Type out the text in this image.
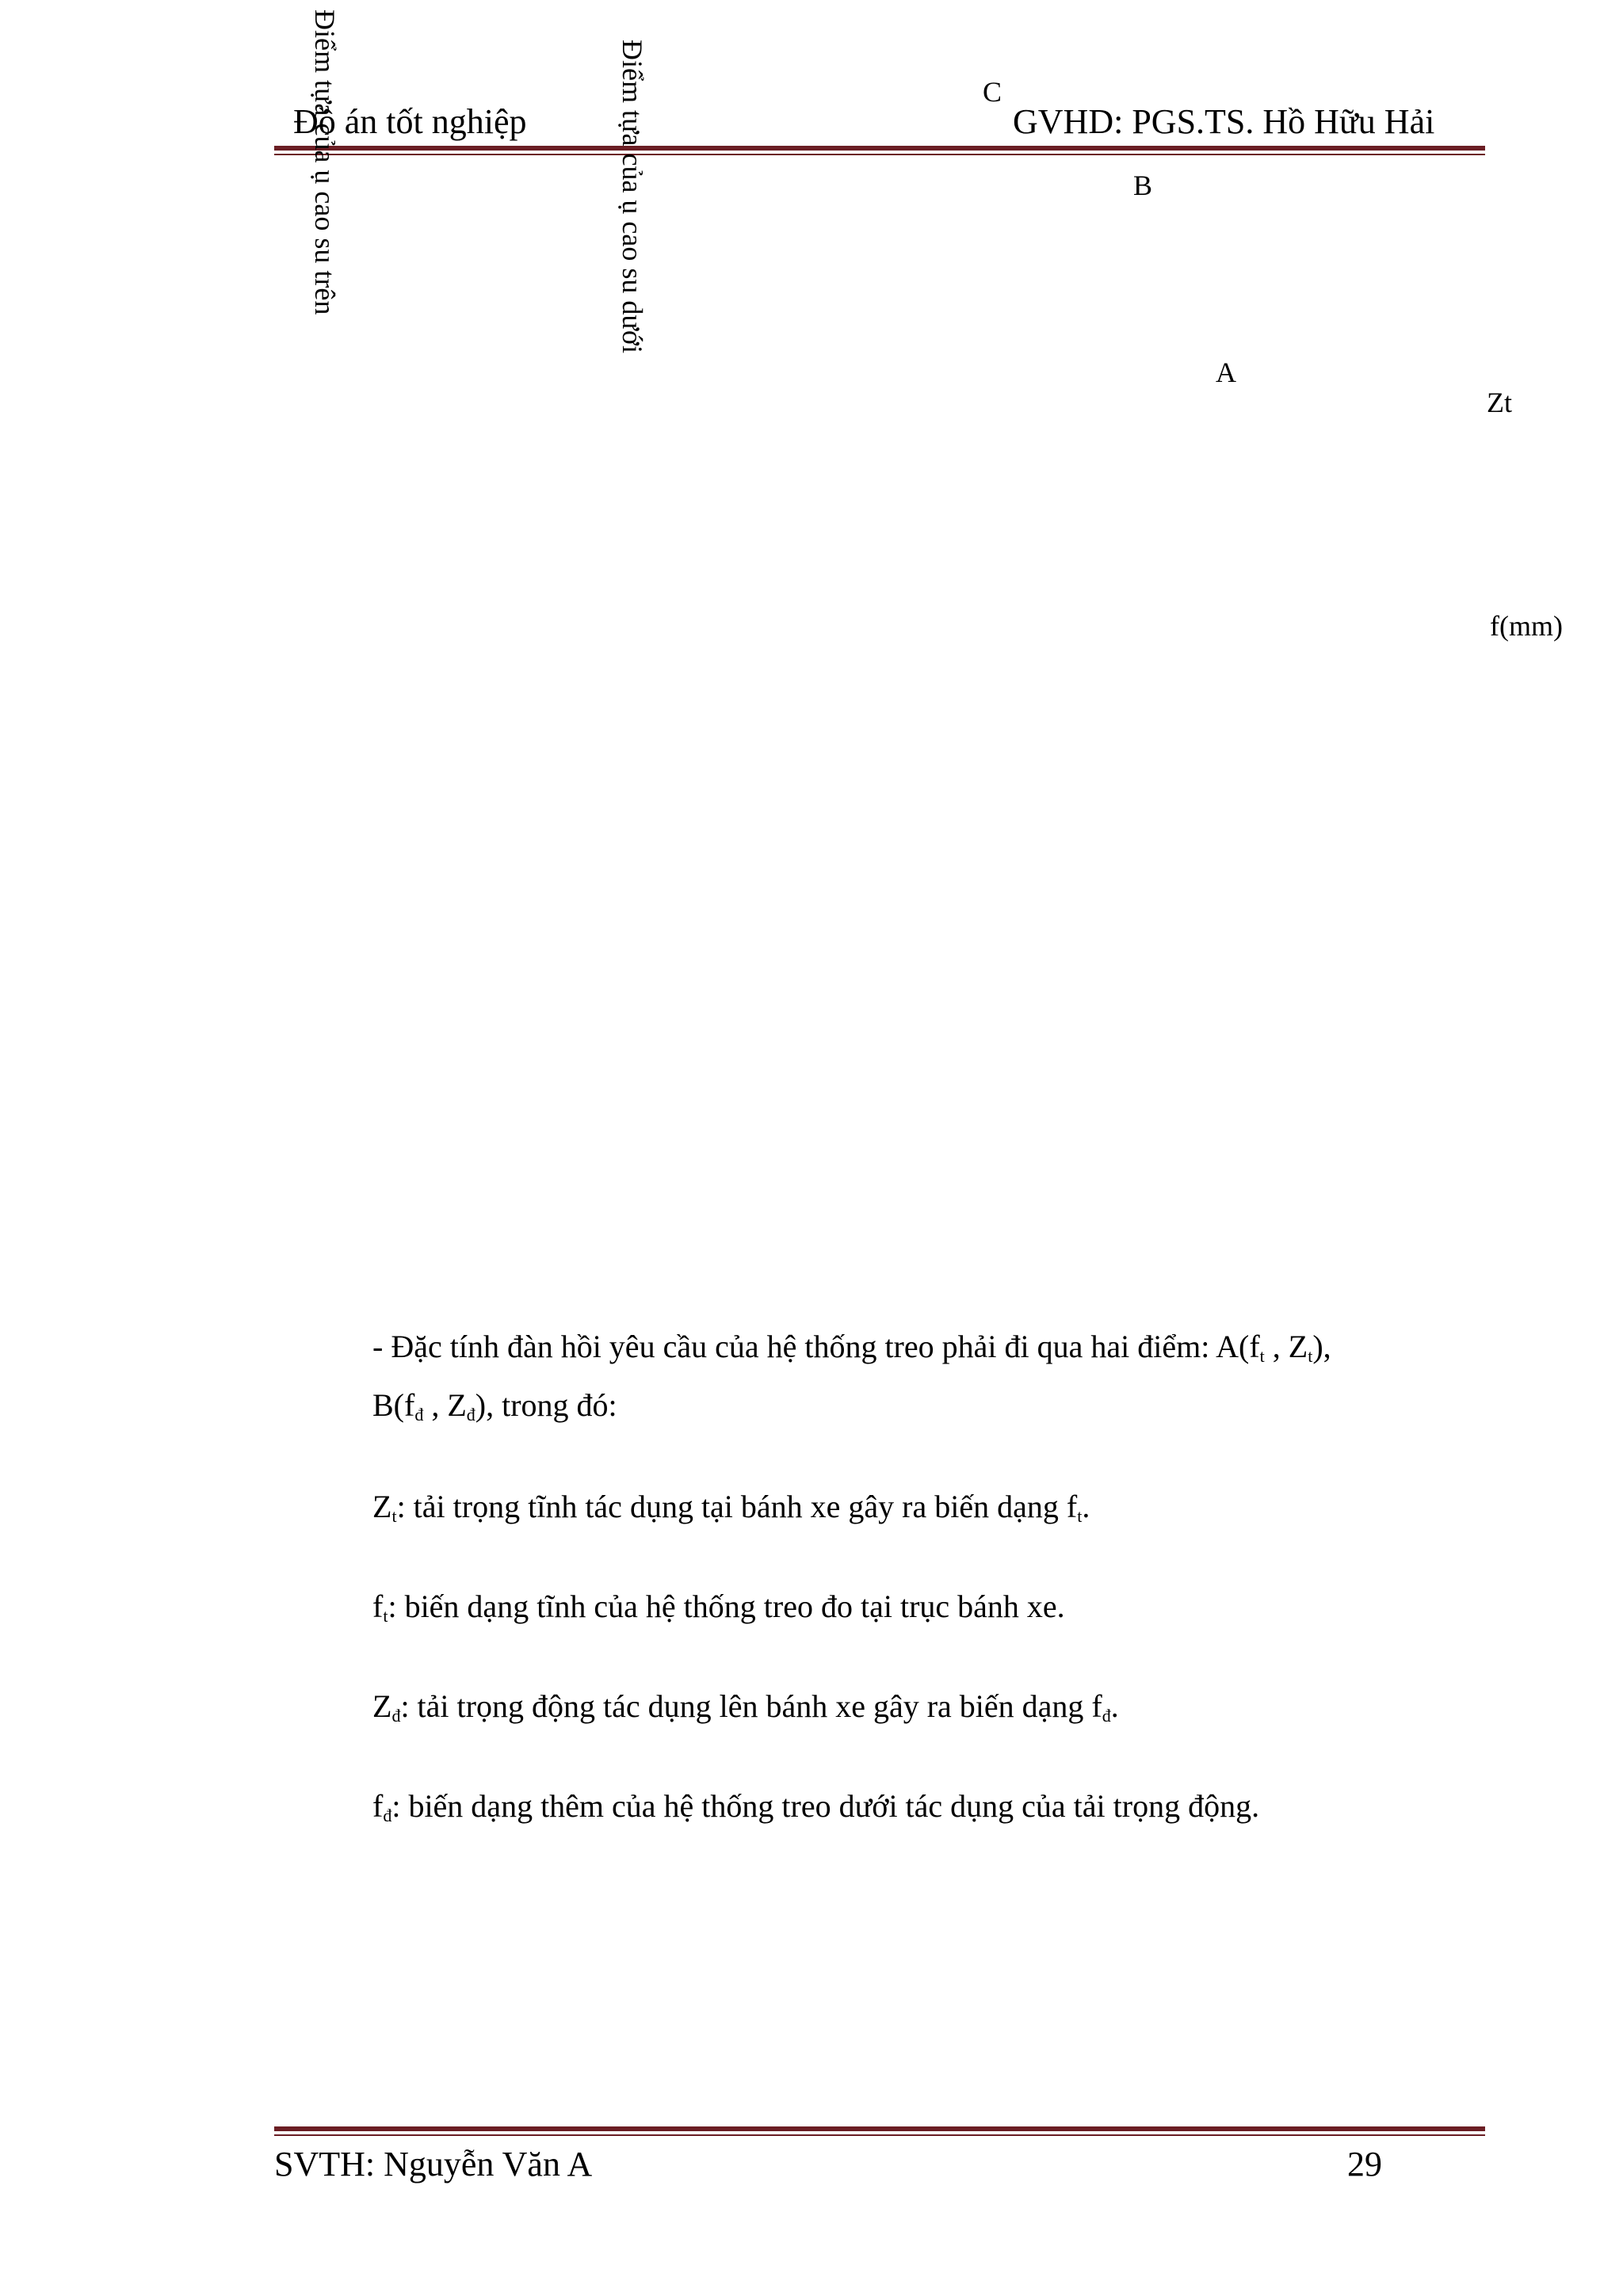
Đồ án tốt nghiệp	GVHD: PGS.TS. Hồ Hữu Hải
Điểm tựa của ụ cao su trên	Điểm tựa của ụ cao su dưới	C
B
A
Zt
f(mm)
- Đặc tính đàn hồi yêu cầu của hệ thống treo phải đi qua hai điểm: $A(f_t$ , $Z_t$),
$B(f_đ$ , $Z_đ$), trong đó:
$Z_t$: tải trọng tĩnh tác dụng tại bánh xe gây ra biến dạng $f_t$.
$f_t$: biến dạng tĩnh của hệ thống treo đo tại trục bánh xe.
$Z_đ$: tải trọng động tác dụng lên bánh xe gây ra biến dạng $f_đ$.
$f_đ$: biến dạng thêm của hệ thống treo dưới tác dụng của tải trọng động.
SVTH: Nguyễn Văn A	29
